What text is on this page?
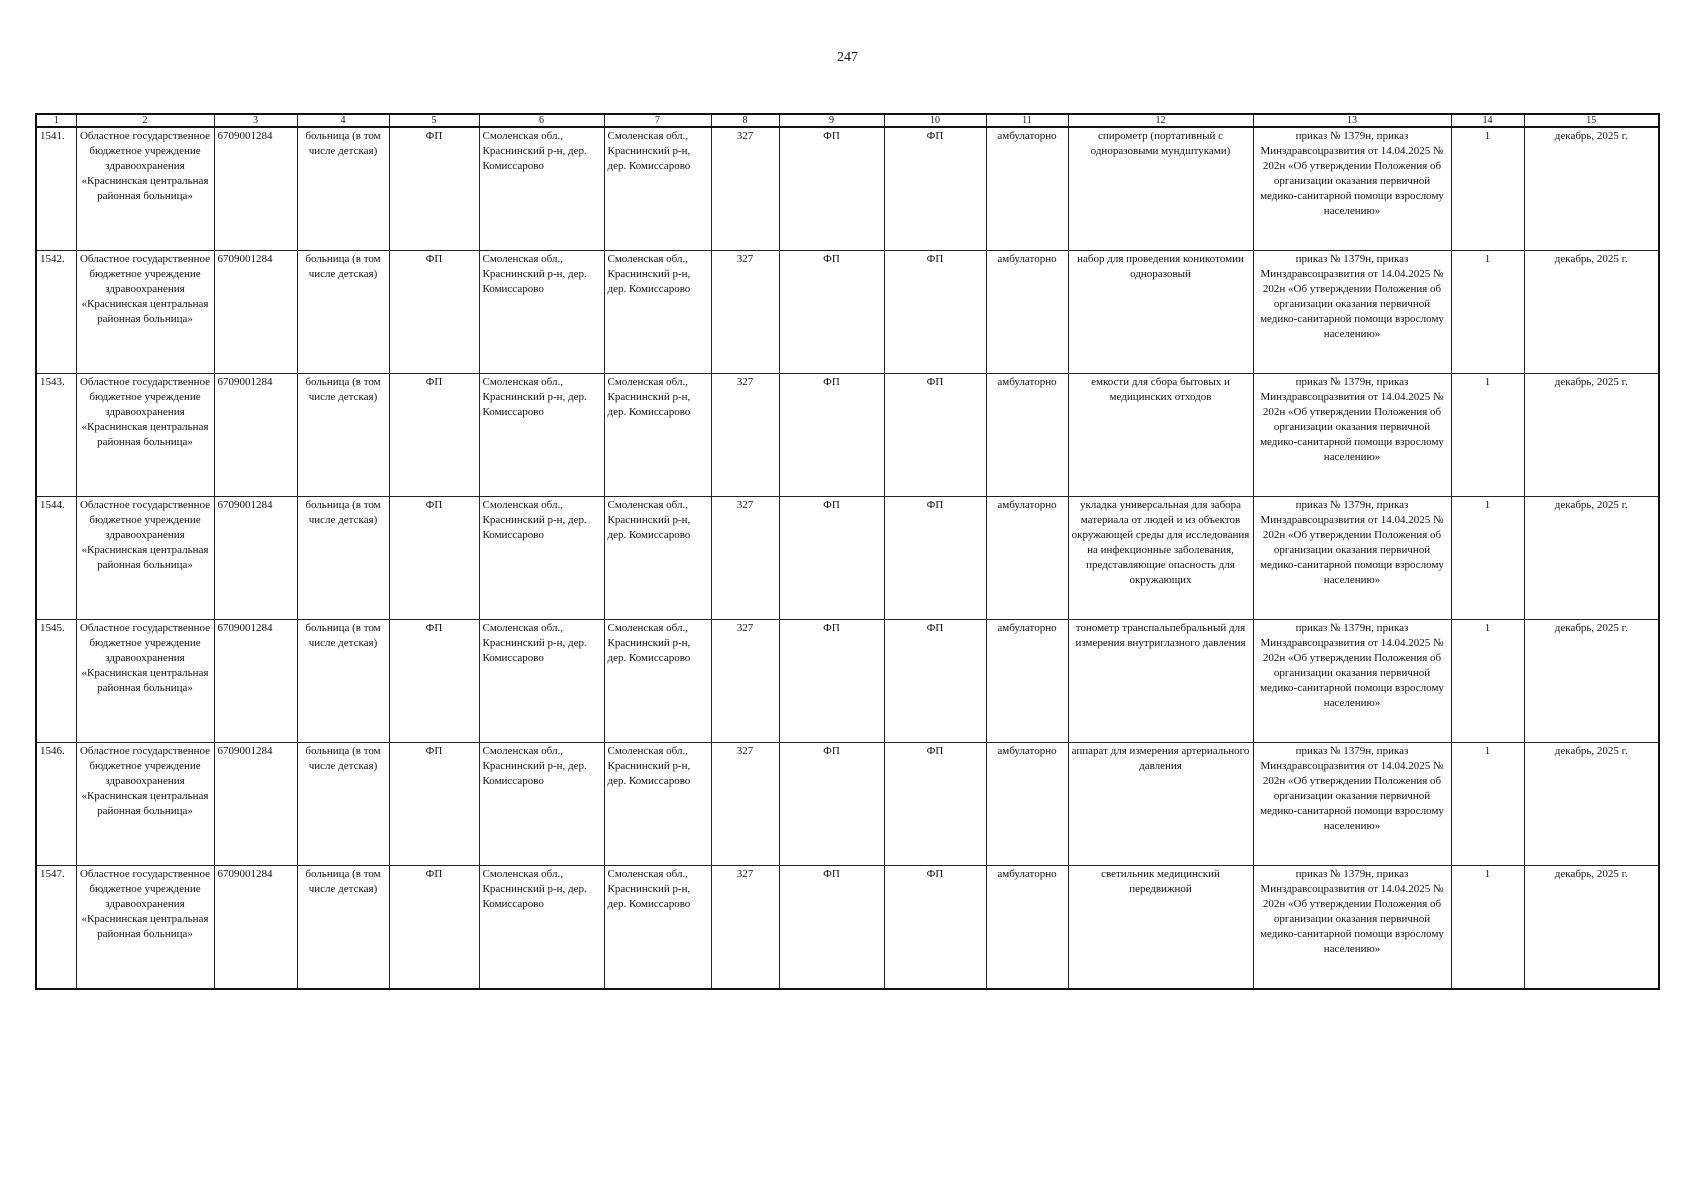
247
1	2	3	4	5	6	7	8	9	10	11	12	13	14	15
1541.	Областное государственное бюджетное учреждение здравоохранения «Краснинская центральная районная больница»	6709001284	больница (в том числе детская)	ФП	Смоленская обл., Краснинский р-н, дер. Комиссарово	Смоленская обл., Краснинский р-н, дер. Комиссарово	327	ФП	ФП	амбулаторно	спирометр (портативный с одноразовыми мундштуками)	приказ № 1379н, приказ Минздравсоцразвития от 14.04.2025 № 202н «Об утверждении Положения об организации оказания первичной медико-санитарной помощи взрослому населению»	1	декабрь, 2025 г.
1542.	Областное государственное бюджетное учреждение здравоохранения «Краснинская центральная районная больница»	6709001284	больница (в том числе детская)	ФП	Смоленская обл., Краснинский р-н, дер. Комиссарово	Смоленская обл., Краснинский р-н, дер. Комиссарово	327	ФП	ФП	амбулаторно	набор для проведения коникотомии одноразовый	приказ № 1379н, приказ Минздравсоцразвития от 14.04.2025 № 202н «Об утверждении Положения об организации оказания первичной медико-санитарной помощи взрослому населению»	1	декабрь, 2025 г.
1543.	Областное государственное бюджетное учреждение здравоохранения «Краснинская центральная районная больница»	6709001284	больница (в том числе детская)	ФП	Смоленская обл., Краснинский р-н, дер. Комиссарово	Смоленская обл., Краснинский р-н, дер. Комиссарово	327	ФП	ФП	амбулаторно	емкости для сбора бытовых и медицинских отходов	приказ № 1379н, приказ Минздравсоцразвития от 14.04.2025 № 202н «Об утверждении Положения об организации оказания первичной медико-санитарной помощи взрослому населению»	1	декабрь, 2025 г.
1544.	Областное государственное бюджетное учреждение здравоохранения «Краснинская центральная районная больница»	6709001284	больница (в том числе детская)	ФП	Смоленская обл., Краснинский р-н, дер. Комиссарово	Смоленская обл., Краснинский р-н, дер. Комиссарово	327	ФП	ФП	амбулаторно	укладка универсальная для забора материала от людей и из объектов окружающей среды для исследования на инфекционные заболевания, представляющие опасность для окружающих	приказ № 1379н, приказ Минздравсоцразвития от 14.04.2025 № 202н «Об утверждении Положения об организации оказания первичной медико-санитарной помощи взрослому населению»	1	декабрь, 2025 г.
1545.	Областное государственное бюджетное учреждение здравоохранения «Краснинская центральная районная больница»	6709001284	больница (в том числе детская)	ФП	Смоленская обл., Краснинский р-н, дер. Комиссарово	Смоленская обл., Краснинский р-н, дер. Комиссарово	327	ФП	ФП	амбулаторно	тонометр транспальпебральный для измерения внутриглазного давления	приказ № 1379н, приказ Минздравсоцразвития от 14.04.2025 № 202н «Об утверждении Положения об организации оказания первичной медико-санитарной помощи взрослому населению»	1	декабрь, 2025 г.
1546.	Областное государственное бюджетное учреждение здравоохранения «Краснинская центральная районная больница»	6709001284	больница (в том числе детская)	ФП	Смоленская обл., Краснинский р-н, дер. Комиссарово	Смоленская обл., Краснинский р-н, дер. Комиссарово	327	ФП	ФП	амбулаторно	аппарат для измерения артериального давления	приказ № 1379н, приказ Минздравсоцразвития от 14.04.2025 № 202н «Об утверждении Положения об организации оказания первичной медико-санитарной помощи взрослому населению»	1	декабрь, 2025 г.
1547.	Областное государственное бюджетное учреждение здравоохранения «Краснинская центральная районная больница»	6709001284	больница (в том числе детская)	ФП	Смоленская обл., Краснинский р-н, дер. Комиссарово	Смоленская обл., Краснинский р-н, дер. Комиссарово	327	ФП	ФП	амбулаторно	светильник медицинский передвижной	приказ № 1379н, приказ Минздравсоцразвития от 14.04.2025 № 202н «Об утверждении Положения об организации оказания первичной медико-санитарной помощи взрослому населению»	1	декабрь, 2025 г.
